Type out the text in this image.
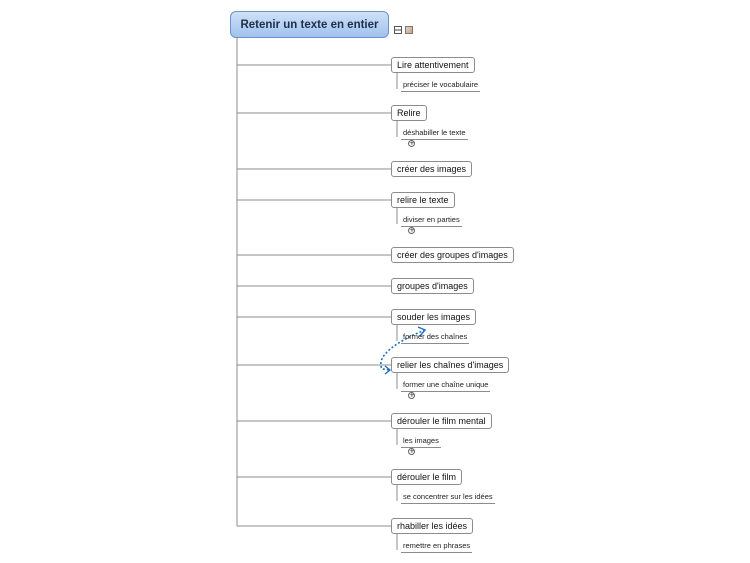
Retenir un texte en entier
Lire attentivement
préciser le vocabulaire
Relire
déshabiller le texte
+
créer des images
relire le texte
diviser en parties
+
créer des groupes d'images
groupes d'images
souder les images
former des chaînes
relier les chaînes d'images
former une chaîne unique
+
dérouler le film mental
les images
+
dérouler le film
se concentrer sur les idées
rhabiller les idées
remettre en phrases
